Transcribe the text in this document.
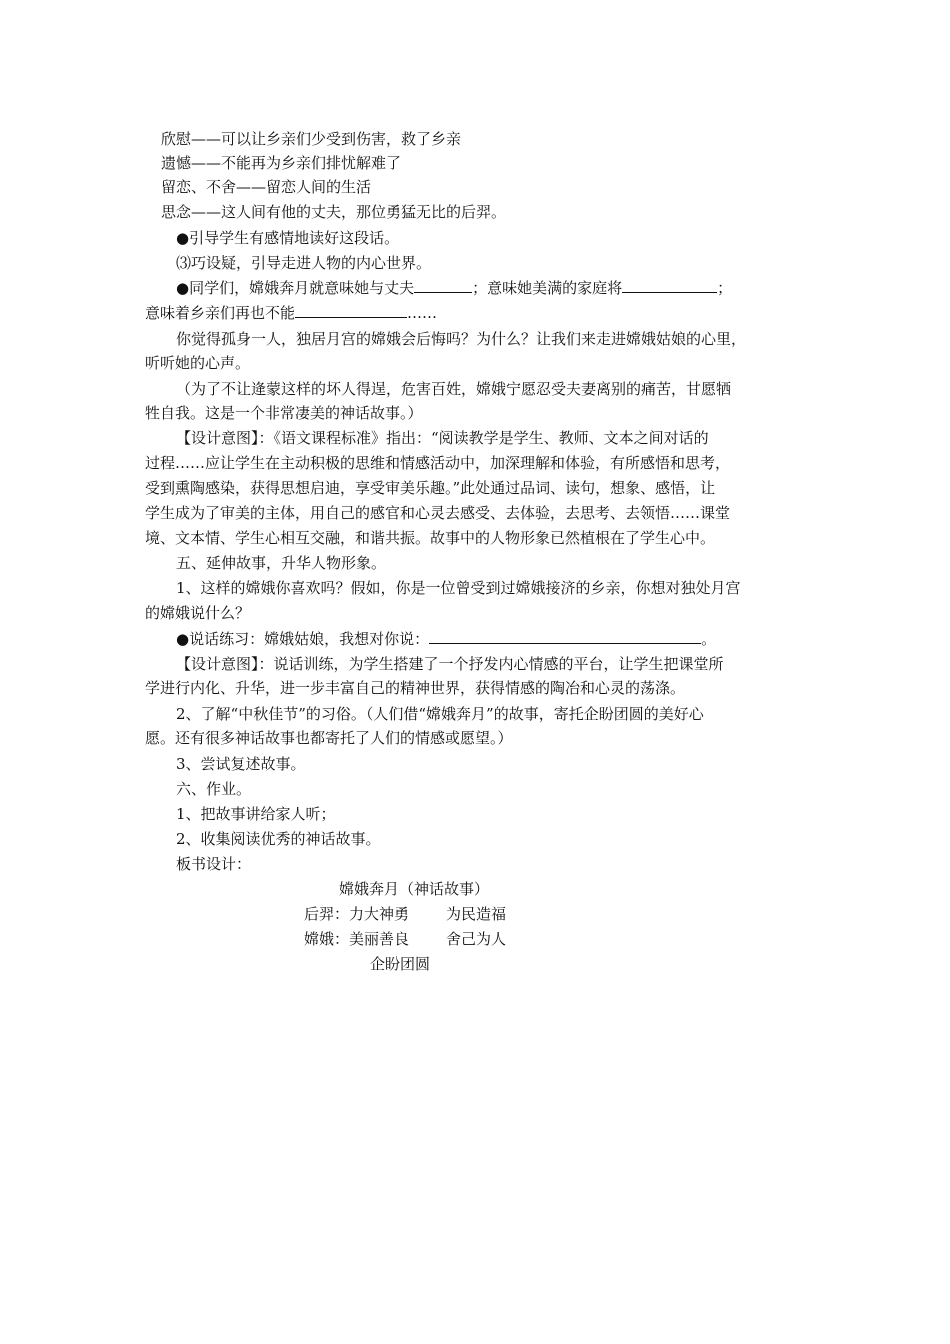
欣慰——可以让乡亲们少受到伤害，救了乡亲
遗憾——不能再为乡亲们排忧解难了
留恋、不舍——留恋人间的生活
思念——这人间有他的丈夫，那位勇猛无比的后羿。
●引导学生有感情地读好这段话。
⑶巧设疑，引导走进人物的内心世界。
●同学们，嫦娥奔月就意味她与丈夫	；意味她美满的家庭将	；
意味着乡亲们再也不能	……
你觉得孤身一人，独居月宫的嫦娥会后悔吗？为什么？让我们来走进嫦娥姑娘的心里，
听听她的心声。
（为了不让逄蒙这样的坏人得逞，危害百姓，嫦娥宁愿忍受夫妻离别的痛苦，甘愿牺
牲自我。这是一个非常凄美的神话故事。）
【设计意图】：《语文课程标准》指出：“阅读教学是学生、教师、文本之间对话的
过程……应让学生在主动积极的思维和情感活动中，加深理解和体验，有所感悟和思考，
受到熏陶感染，获得思想启迪，享受审美乐趣。”此处通过品词、读句，想象、感悟，让
学生成为了审美的主体，用自己的感官和心灵去感受、去体验，去思考、去领悟……课堂
境、文本情、学生心相互交融，和谐共振。故事中的人物形象已然植根在了学生心中。
五、延伸故事，升华人物形象。
1、这样的嫦娥你喜欢吗？假如，你是一位曾受到过嫦娥接济的乡亲，你想对独处月宫
的嫦娥说什么？
●说话练习：嫦娥姑娘，我想对你说：	。
【设计意图】：说话训练，为学生搭建了一个抒发内心情感的平台，让学生把课堂所
学进行内化、升华，进一步丰富自己的精神世界，获得情感的陶冶和心灵的荡涤。
2、了解“中秋佳节”的习俗。（人们借“嫦娥奔月”的故事，寄托企盼团圆的美好心
愿。还有很多神话故事也都寄托了人们的情感或愿望。）
3、尝试复述故事。
六、作业。
1、把故事讲给家人听；
2、收集阅读优秀的神话故事。
板书设计：
嫦娥奔月（神话故事）
后羿：力大神勇 为民造福
嫦娥：美丽善良 舍己为人
企盼团圆
